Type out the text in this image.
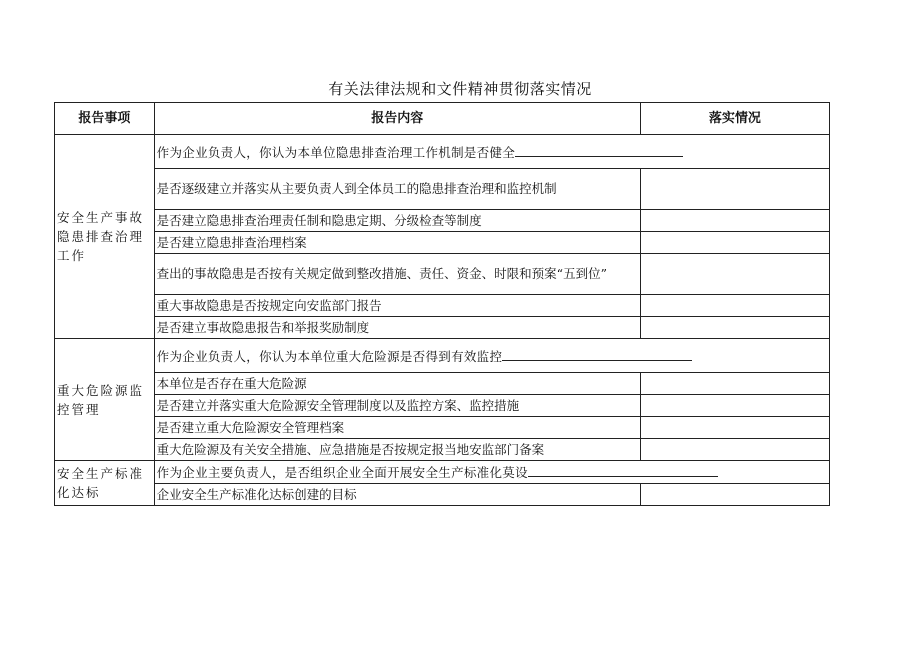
有关法律法规和文件精神贯彻落实情况
报告事项	报告内容	落实情况
安全生产事故隐患排查治理工作	作为企业负责人，你认为本单位隐患排查治理工作机制是否健全	
	是否逐级建立并落实从主要负责人到全体员工的隐患排查治理和监控机制	
	是否建立隐患排查治理责任制和隐患定期、分级检查等制度	
	是否建立隐患排查治理档案	
	查出的事故隐患是否按有关规定做到整改措施、责任、资金、时限和预案“五到位”	
	重大事故隐患是否按规定向安监部门报告	
	是否建立事故隐患报告和举报奖励制度	
重大危险源监控管理	作为企业负责人，你认为本单位重大危险源是否得到有效监控	
	本单位是否存在重大危险源	
	是否建立并落实重大危险源安全管理制度以及监控方案、监控措施	
	是否建立重大危险源安全管理档案	
	重大危险源及有关安全措施、应急措施是否按规定报当地安监部门备案	
安全生产标准化达标	作为企业主要负责人，是否组织企业全面开展安全生产标准化莫设	
	企业安全生产标准化达标创建的目标	
